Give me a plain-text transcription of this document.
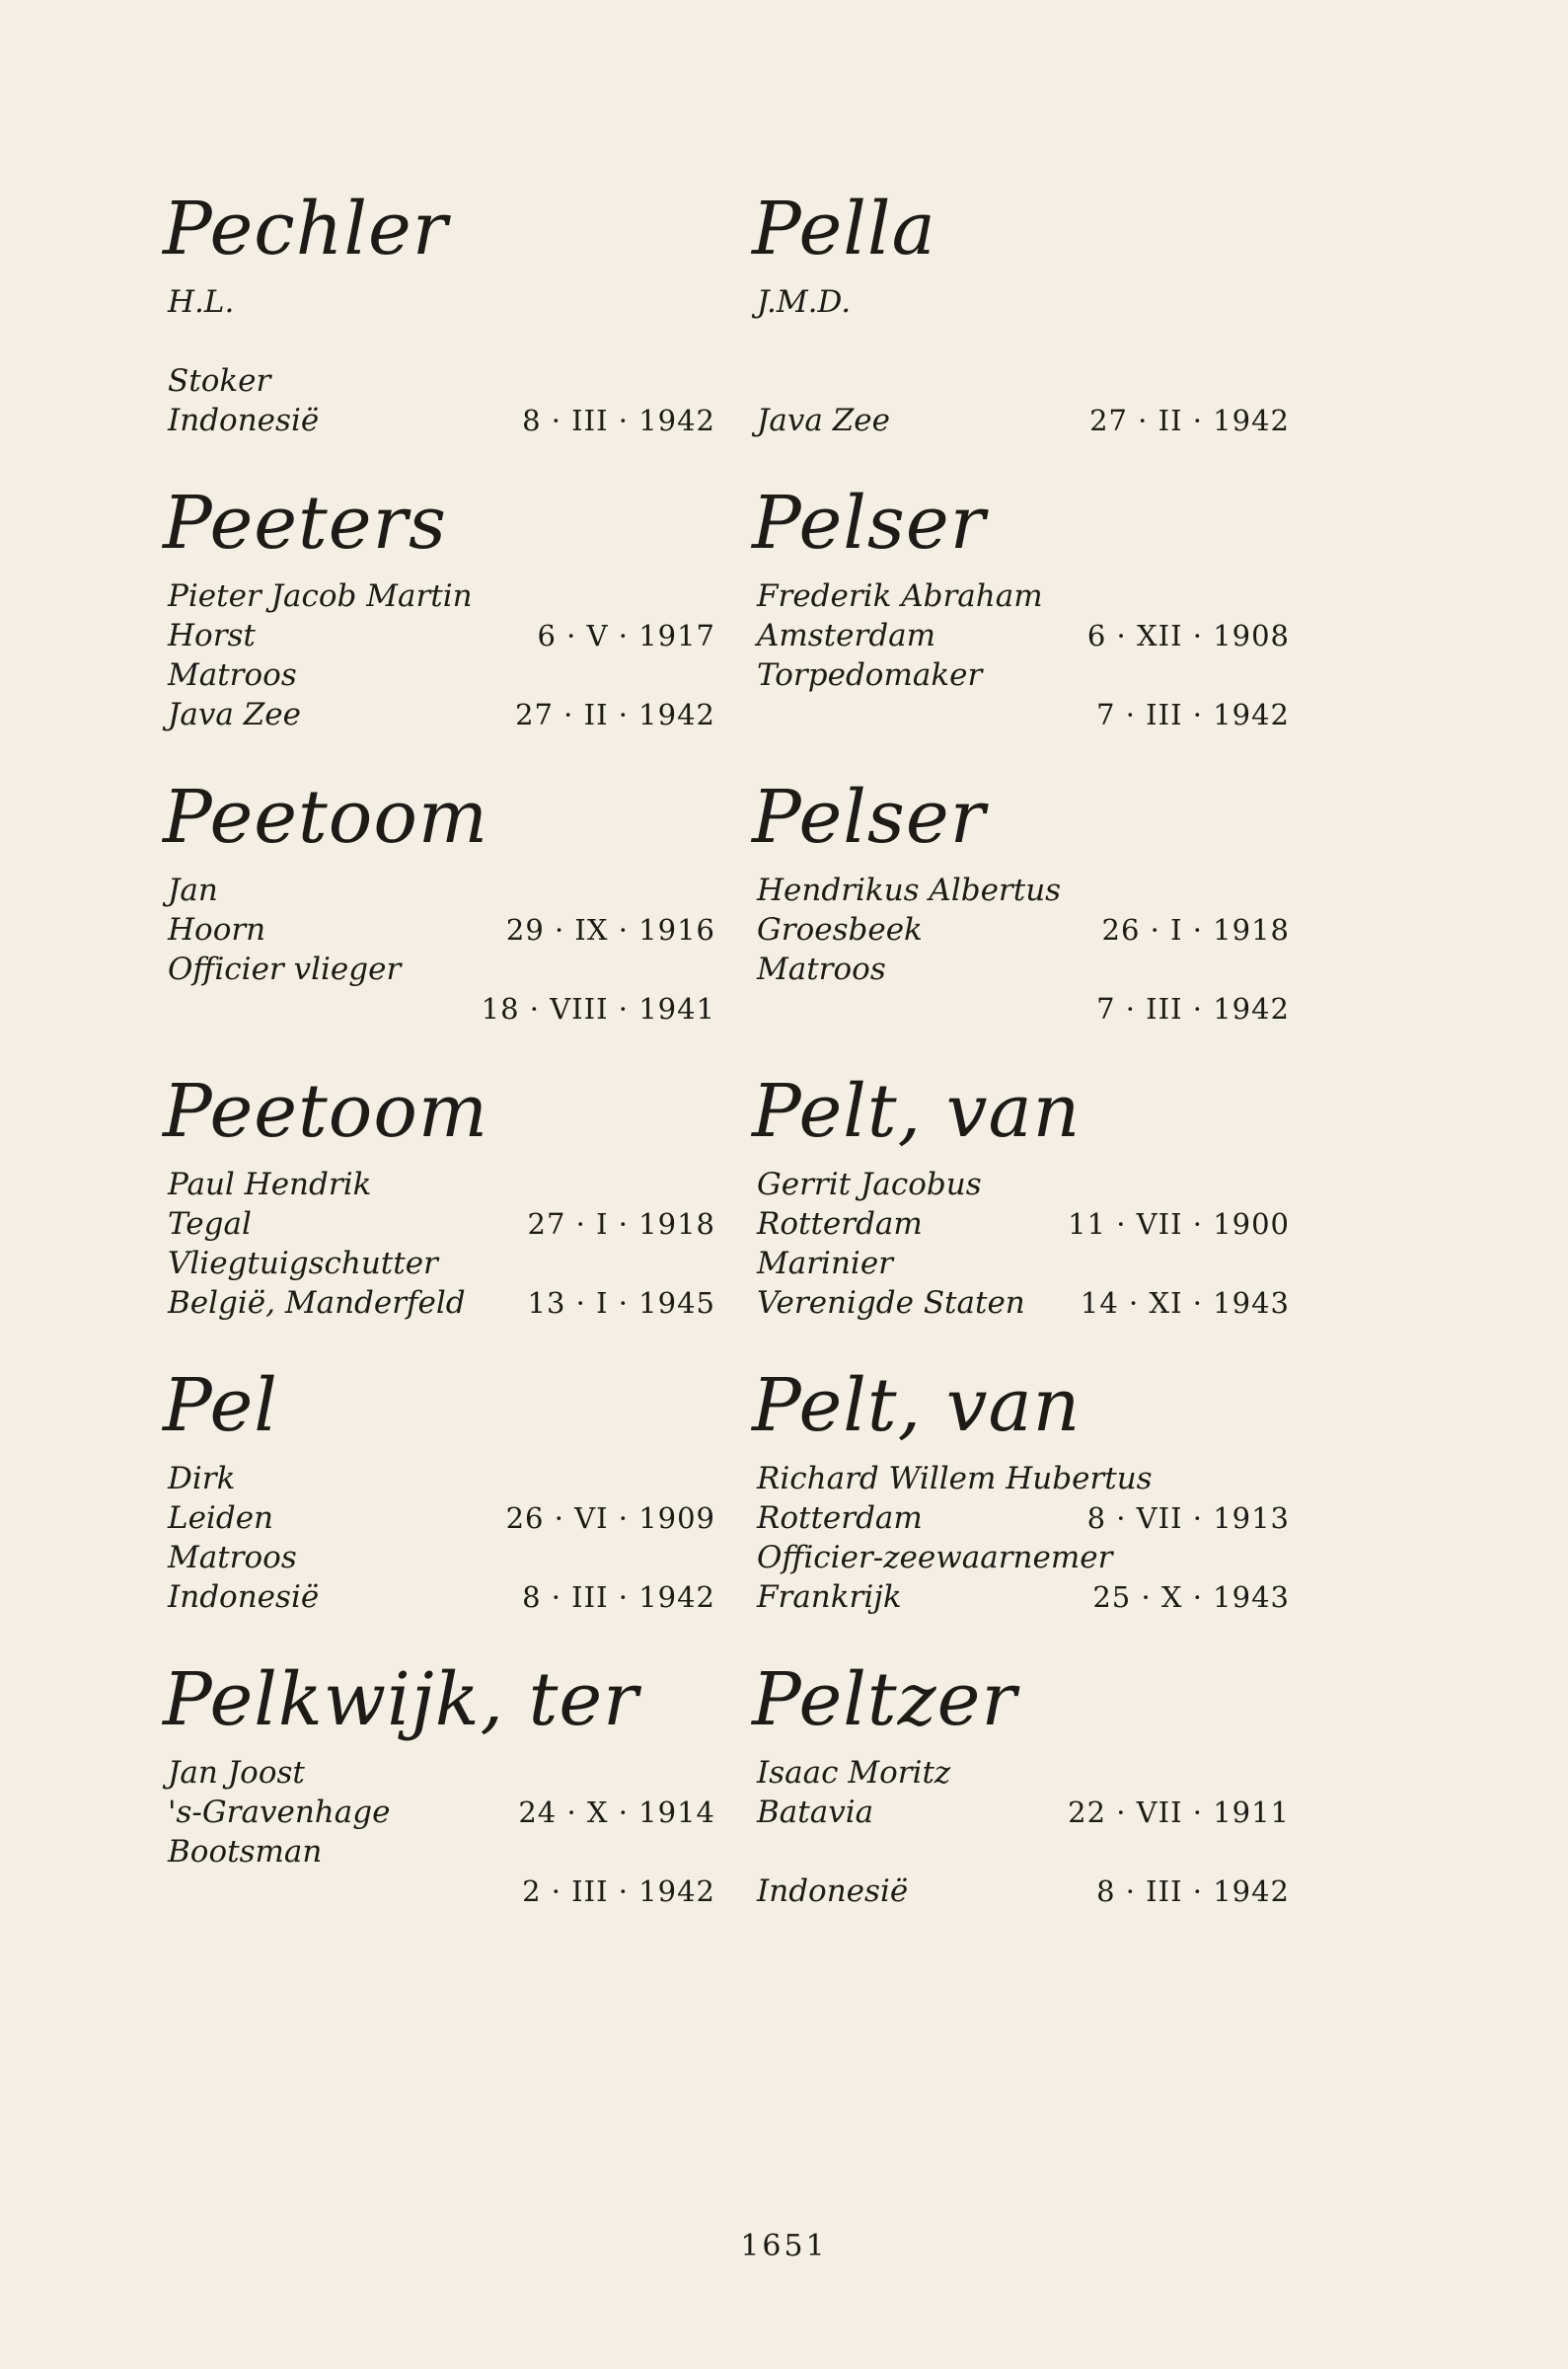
Pechler
H.L.
Stoker
Indonesië	8 · III · 1942
Peeters
Pieter Jacob Martin
Horst	6 · V · 1917
Matroos
Java Zee	27 · II · 1942
Peetoom
Jan
Hoorn	29 · IX · 1916
Officier vlieger
18 · VIII · 1941
Peetoom
Paul Hendrik
Tegal	27 · I · 1918
Vliegtuigschutter
België, Manderfeld 13 · I · 1945
Pel
Dirk
Leiden	26 · VI · 1909
Matroos
Indonesië	8 · III · 1942
Pelkwijk, ter
Jan Joost
's-Gravenhage	24 · X · 1914
Bootsman
2 · III · 1942
Pella
J.M.D.
Java Zee	27 · II · 1942
Pelser
Frederik Abraham
Amsterdam	6 · XII · 1908
Torpedomaker
7 · III · 1942
Pelser
Hendrikus Albertus
Groesbeek	26 · I · 1918
Matroos
7 · III · 1942
Pelt, van
Gerrit Jacobus
Rotterdam	11 · VII · 1900
Marinier
Verenigde Staten 14 · XI · 1943
Pelt, van
Richard Willem Hubertus
Rotterdam	8 · VII · 1913
Officier-zeewaarnemer
Frankrijk	25 · X · 1943
Peltzer
Isaac Moritz
Batavia	22 · VII · 1911
Indonesië	8 · III · 1942
1651
